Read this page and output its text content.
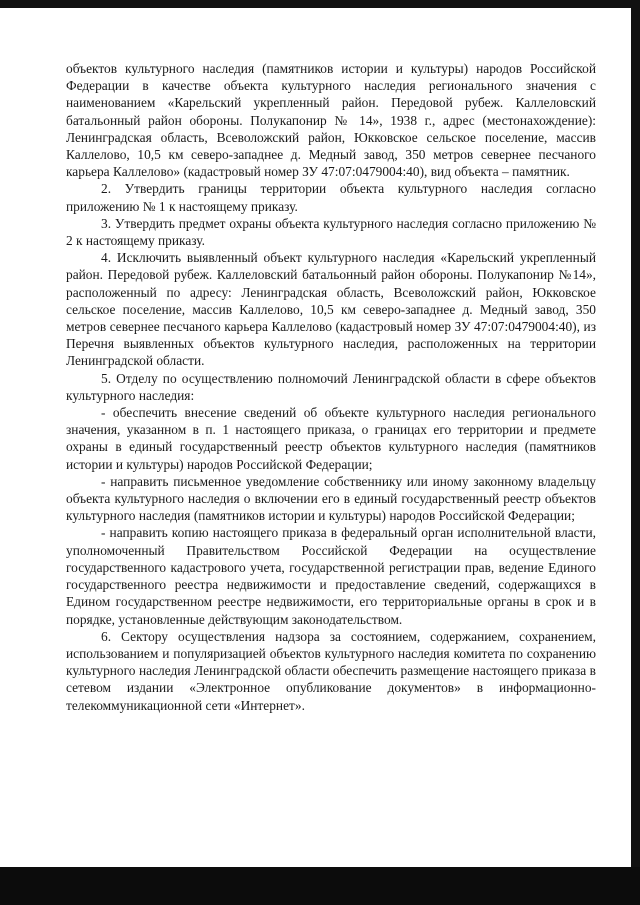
объектов культурного наследия (памятников истории и культуры) народов Российской Федерации в качестве объекта культурного наследия регионального значения с наименованием «Карельский укрепленный район. Передовой рубеж. Каллеловский батальонный район обороны. Полукапонир № 14», 1938 г., адрес (местонахождение): Ленинградская область, Всеволожский район, Юкковское сельское поселение, массив Каллелово, 10,5 км северо-западнее д. Медный завод, 350 метров севернее песчаного карьера Каллелово» (кадастровый номер ЗУ 47:07:0479004:40), вид объекта – памятник.

2. Утвердить границы территории объекта культурного наследия согласно приложению № 1 к настоящему приказу.

3. Утвердить предмет охраны объекта культурного наследия согласно приложению № 2 к настоящему приказу.

4. Исключить выявленный объект культурного наследия «Карельский укрепленный район. Передовой рубеж. Каллеловский батальонный район обороны. Полукапонир №14», расположенный по адресу: Ленинградская область, Всеволожский район, Юкковское сельское поселение, массив Каллелово, 10,5 км северо-западнее д. Медный завод, 350 метров севернее песчаного карьера Каллелово (кадастровый номер ЗУ 47:07:0479004:40), из Перечня выявленных объектов культурного наследия, расположенных на территории Ленинградской области.

5. Отделу по осуществлению полномочий Ленинградской области в сфере объектов культурного наследия:

- обеспечить внесение сведений об объекте культурного наследия регионального значения, указанном в п. 1 настоящего приказа, о границах его территории и предмете охраны в единый государственный реестр объектов культурного наследия (памятников истории и культуры) народов Российской Федерации;

- направить письменное уведомление собственнику или иному законному владельцу объекта культурного наследия о включении его в единый государственный реестр объектов культурного наследия (памятников истории и культуры) народов Российской Федерации;

- направить копию настоящего приказа в федеральный орган исполнительной власти, уполномоченный Правительством Российской Федерации на осуществление государственного кадастрового учета, государственной регистрации прав, ведение Единого государственного реестра недвижимости и предоставление сведений, содержащихся в Едином государственном реестре недвижимости, его территориальные органы в срок и в порядке, установленные действующим законодательством.

6. Сектору осуществления надзора за состоянием, содержанием, сохранением, использованием и популяризацией объектов культурного наследия комитета по сохранению культурного наследия Ленинградской области обеспечить размещение настоящего приказа в сетевом издании «Электронное опубликование документов» в информационно-телекоммуникационной сети «Интернет».
